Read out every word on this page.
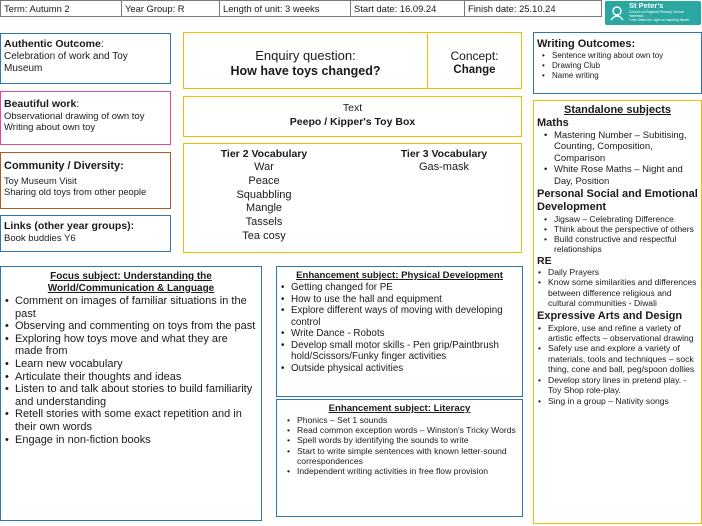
Term: Autumn 2	Year Group: R	Length of unit: 3 weeks	Start date: 16.09.24	Finish date: 25.10.24	St Peter's
Church of England Primary School
Harefield
"Lets Shine the Light on Inspiring Minds"
Authentic Outcome:
Celebration of work and Toy Museum
Beautiful work:
Observational drawing of own toy
Writing about own toy
Community / Diversity:
Toy Museum Visit
Sharing old toys from other people
Links (other year groups):
Book buddies Y6
Enquiry question:
How have toys changed?
Concept:
Change
Text
Peepo / Kipper's Toy Box
Tier 2 Vocabulary
War
Peace
Squabbling
Mangle
Tassels
Tea cosy
Tier 3 Vocabulary
Gas-mask
Writing Outcomes:
• Sentence writing about own toy
• Drawing Club
• Name writing
Focus subject: Understanding the
World/Communication & Language
• Comment on images of familiar situations in the past
• Observing and commenting on toys from the past
• Exploring how toys move and what they are made from
• Learn new vocabulary
• Articulate their thoughts and ideas
• Listen to and talk about stories to build familiarity and understanding
• Retell stories with some exact repetition and in their own words
• Engage in non-fiction books
Enhancement subject: Physical Development
• Getting changed for PE
• How to use the hall and equipment
• Explore different ways of moving with developing control
• Write Dance - Robots
• Develop small motor skills - Pen grip/Paintbrush hold/Scissors/Funky finger activities
• Outside physical activities
Enhancement subject: Literacy
• Phonics – Set 1 sounds
• Read common exception words – Winston's Tricky Words
• Spell words by identifying the sounds to write
• Start to write simple sentences with known letter-sound correspondences
• Independent writing activities in free flow provision
Standalone subjects
Maths
• Mastering Number – Subitising, Counting, Composition, Comparison
• White Rose Maths – Night and Day, Position
Personal Social and Emotional Development
• Jigsaw – Celebrating Difference
• Think about the perspective of others
• Build constructive and respectful relationships
RE
• Daily Prayers
• Know some similarities and differences between difference religious and cultural communities - Diwali
Expressive Arts and Design
• Explore, use and refine a variety of artistic effects – observational drawing
• Safely use and explore a variety of materials, tools and techniques – sock thing, cone and ball, peg/spoon dollies
• Develop story lines in pretend play. - Toy Shop role-play.
• Sing in a group – Nativity songs
